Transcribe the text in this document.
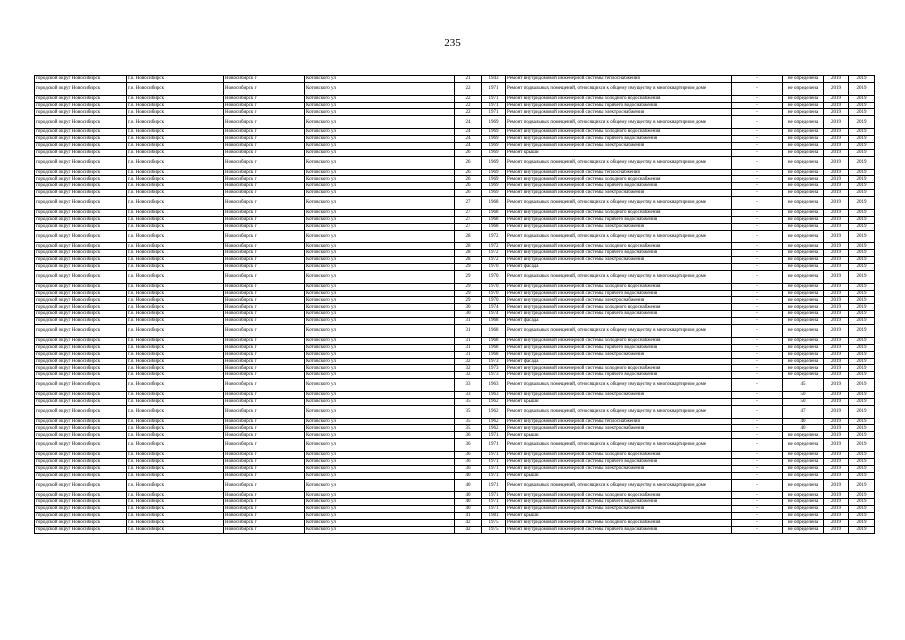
235
городской округ Новосибирск	г.о. Новосибирск	Новосибирск г	Котовского ул	21	1943	Ремонт внутридомовой инженерной системы теплоснабжения	-	не определена	2019	2019
городской округ Новосибирск	г.о. Новосибирск	Новосибирск г	Котовского ул	22	1971	Ремонт подвальных помещений, относящихся к общему имуществу в многоквартирном доме	-	не определена	2019	2019
городской округ Новосибирск	г.о. Новосибирск	Новосибирск г	Котовского ул	22	1971	Ремонт внутридомовой инженерной системы холодного водоснабжения	-	не определена	2019	2019
городской округ Новосибирск	г.о. Новосибирск	Новосибирск г	Котовского ул	22	1971	Ремонт внутридомовой инженерной системы горячего водоснабжения	-	не определена	2019	2019
городской округ Новосибирск	г.о. Новосибирск	Новосибирск г	Котовского ул	22	1971	Ремонт внутридомовой инженерной системы электроснабжения	-	не определена	2019	2019
городской округ Новосибирск	г.о. Новосибирск	Новосибирск г	Котовского ул	24	1969	Ремонт подвальных помещений, относящихся к общему имуществу в многоквартирном доме	-	не определена	2019	2019
городской округ Новосибирск	г.о. Новосибирск	Новосибирск г	Котовского ул	24	1969	Ремонт внутридомовой инженерной системы холодного водоснабжения	-	не определена	2019	2019
городской округ Новосибирск	г.о. Новосибирск	Новосибирск г	Котовского ул	24	1969	Ремонт внутридомовой инженерной системы горячего водоснабжения	-	не определена	2019	2019
городской округ Новосибирск	г.о. Новосибирск	Новосибирск г	Котовского ул	24	1969	Ремонт внутридомовой инженерной системы электроснабжения	-	не определена	2019	2019
городской округ Новосибирск	г.о. Новосибирск	Новосибирск г	Котовского ул	26	1969	Ремонт крыши	-	не определена	2019	2019
городской округ Новосибирск	г.о. Новосибирск	Новосибирск г	Котовского ул	26	1969	Ремонт подвальных помещений, относящихся к общему имуществу в многоквартирном доме	-	не определена	2019	2019
городской округ Новосибирск	г.о. Новосибирск	Новосибирск г	Котовского ул	26	1969	Ремонт внутридомовой инженерной системы теплоснабжения	-	не определена	2019	2019
городской округ Новосибирск	г.о. Новосибирск	Новосибирск г	Котовского ул	26	1969	Ремонт внутридомовой инженерной системы холодного водоснабжения	-	не определена	2019	2019
городской округ Новосибирск	г.о. Новосибирск	Новосибирск г	Котовского ул	26	1969	Ремонт внутридомовой инженерной системы горячего водоснабжения	-	не определена	2019	2019
городской округ Новосибирск	г.о. Новосибирск	Новосибирск г	Котовского ул	26	1969	Ремонт внутридомовой инженерной системы электроснабжения	-	не определена	2019	2019
городской округ Новосибирск	г.о. Новосибирск	Новосибирск г	Котовского ул	27	1968	Ремонт подвальных помещений, относящихся к общему имуществу в многоквартирном доме	-	не определена	2019	2019
городской округ Новосибирск	г.о. Новосибирск	Новосибирск г	Котовского ул	27	1968	Ремонт внутридомовой инженерной системы холодного водоснабжения	-	не определена	2019	2019
городской округ Новосибирск	г.о. Новосибирск	Новосибирск г	Котовского ул	27	1968	Ремонт внутридомовой инженерной системы горячего водоснабжения	-	не определена	2019	2019
городской округ Новосибирск	г.о. Новосибирск	Новосибирск г	Котовского ул	27	1968	Ремонт внутридомовой инженерной системы электроснабжения	-	не определена	2019	2019
городской округ Новосибирск	г.о. Новосибирск	Новосибирск г	Котовского ул	28	1972	Ремонт подвальных помещений, относящихся к общему имуществу в многоквартирном доме	-	не определена	2019	2019
городской округ Новосибирск	г.о. Новосибирск	Новосибирск г	Котовского ул	28	1972	Ремонт внутридомовой инженерной системы холодного водоснабжения	-	не определена	2019	2019
городской округ Новосибирск	г.о. Новосибирск	Новосибирск г	Котовского ул	28	1972	Ремонт внутридомовой инженерной системы горячего водоснабжения	-	не определена	2019	2019
городской округ Новосибирск	г.о. Новосибирск	Новосибирск г	Котовского ул	28	1972	Ремонт внутридомовой инженерной системы электроснабжения	-	не определена	2019	2019
городской округ Новосибирск	г.о. Новосибирск	Новосибирск г	Котовского ул	29	1970	Ремонт фасада	-	не определена	2019	2019
городской округ Новосибирск	г.о. Новосибирск	Новосибирск г	Котовского ул	29	1970	Ремонт подвальных помещений, относящихся к общему имуществу в многоквартирном доме	-	не определена	2019	2019
городской округ Новосибирск	г.о. Новосибирск	Новосибирск г	Котовского ул	29	1970	Ремонт внутридомовой инженерной системы холодного водоснабжения	-	не определена	2019	2019
городской округ Новосибирск	г.о. Новосибирск	Новосибирск г	Котовского ул	29	1970	Ремонт внутридомовой инженерной системы горячего водоснабжения	-	не определена	2019	2019
городской округ Новосибирск	г.о. Новосибирск	Новосибирск г	Котовского ул	29	1970	Ремонт внутридомовой инженерной системы электроснабжения	-	не определена	2019	2019
городской округ Новосибирск	г.о. Новосибирск	Новосибирск г	Котовского ул	30	1974	Ремонт внутридомовой инженерной системы холодного водоснабжения	-	не определена	2019	2019
городской округ Новосибирск	г.о. Новосибирск	Новосибирск г	Котовского ул	30	1974	Ремонт внутридомовой инженерной системы горячего водоснабжения	-	не определена	2019	2019
городской округ Новосибирск	г.о. Новосибирск	Новосибирск г	Котовского ул	31	1968	Ремонт фасада	-	не определена	2019	2019
городской округ Новосибирск	г.о. Новосибирск	Новосибирск г	Котовского ул	31	1968	Ремонт подвальных помещений, относящихся к общему имуществу в многоквартирном доме	-	не определена	2019	2019
городской округ Новосибирск	г.о. Новосибирск	Новосибирск г	Котовского ул	31	1968	Ремонт внутридомовой инженерной системы холодного водоснабжения	-	не определена	2019	2019
городской округ Новосибирск	г.о. Новосибирск	Новосибирск г	Котовского ул	31	1968	Ремонт внутридомовой инженерной системы горячего водоснабжения	-	не определена	2019	2019
городской округ Новосибирск	г.о. Новосибирск	Новосибирск г	Котовского ул	31	1968	Ремонт внутридомовой инженерной системы электроснабжения	-	не определена	2019	2019
городской округ Новосибирск	г.о. Новосибирск	Новосибирск г	Котовского ул	32	1973	Ремонт фасада	-	не определена	2019	2019
городской округ Новосибирск	г.о. Новосибирск	Новосибирск г	Котовского ул	32	1973	Ремонт внутридомовой инженерной системы холодного водоснабжения	-	не определена	2019	2019
городской округ Новосибирск	г.о. Новосибирск	Новосибирск г	Котовского ул	32	1973	Ремонт внутридомовой инженерной системы горячего водоснабжения	-	не определена	2019	2019
городской округ Новосибирск	г.о. Новосибирск	Новосибирск г	Котовского ул	33	1963	Ремонт подвальных помещений, относящихся к общему имуществу в многоквартирном доме	-	45	2019	2019
городской округ Новосибирск	г.о. Новосибирск	Новосибирск г	Котовского ул	33	1963	Ремонт внутридомовой инженерной системы электроснабжения	-	50	2019	2019
городской округ Новосибирск	г.о. Новосибирск	Новосибирск г	Котовского ул	35	1962	Ремонт крыши	-	50	2019	2019
городской округ Новосибирск	г.о. Новосибирск	Новосибирск г	Котовского ул	35	1962	Ремонт подвальных помещений, относящихся к общему имуществу в многоквартирном доме	-	47	2019	2019
городской округ Новосибирск	г.о. Новосибирск	Новосибирск г	Котовского ул	35	1962	Ремонт внутридомовой инженерной системы теплоснабжения	-	40	2019	2019
городской округ Новосибирск	г.о. Новосибирск	Новосибирск г	Котовского ул	35	1962	Ремонт внутридомовой инженерной системы электроснабжения	-	40	2019	2019
городской округ Новосибирск	г.о. Новосибирск	Новосибирск г	Котовского ул	36	1971	Ремонт крыши	-	не определена	2019	2019
городской округ Новосибирск	г.о. Новосибирск	Новосибирск г	Котовского ул	36	1971	Ремонт подвальных помещений, относящихся к общему имуществу в многоквартирном доме	-	не определена	2019	2019
городской округ Новосибирск	г.о. Новосибирск	Новосибирск г	Котовского ул	36	1971	Ремонт внутридомовой инженерной системы холодного водоснабжения	-	не определена	2019	2019
городской округ Новосибирск	г.о. Новосибирск	Новосибирск г	Котовского ул	36	1971	Ремонт внутридомовой инженерной системы горячего водоснабжения	-	не определена	2019	2019
городской округ Новосибирск	г.о. Новосибирск	Новосибирск г	Котовского ул	36	1971	Ремонт внутридомовой инженерной системы электроснабжения	-	не определена	2019	2019
городской округ Новосибирск	г.о. Новосибирск	Новосибирск г	Котовского ул	40	1971	Ремонт крыши	-	не определена	2019	2019
городской округ Новосибирск	г.о. Новосибирск	Новосибирск г	Котовского ул	40	1971	Ремонт подвальных помещений, относящихся к общему имуществу в многоквартирном доме	-	не определена	2019	2019
городской округ Новосибирск	г.о. Новосибирск	Новосибирск г	Котовского ул	40	1971	Ремонт внутридомовой инженерной системы холодного водоснабжения	-	не определена	2019	2019
городской округ Новосибирск	г.о. Новосибирск	Новосибирск г	Котовского ул	40	1971	Ремонт внутридомовой инженерной системы горячего водоснабжения	-	не определена	2019	2019
городской округ Новосибирск	г.о. Новосибирск	Новосибирск г	Котовского ул	40	1971	Ремонт внутридомовой инженерной системы электроснабжения	-	не определена	2019	2019
городской округ Новосибирск	г.о. Новосибирск	Новосибирск г	Котовского ул	41	1981	Ремонт крыши	-	не определена	2019	2019
городской округ Новосибирск	г.о. Новосибирск	Новосибирск г	Котовского ул	42	1975	Ремонт внутридомовой инженерной системы холодного водоснабжения	-	не определена	2019	2019
городской округ Новосибирск	г.о. Новосибирск	Новосибирск г	Котовского ул	42	1975	Ремонт внутридомовой инженерной системы горячего водоснабжения	-	не определена	2019	2019
